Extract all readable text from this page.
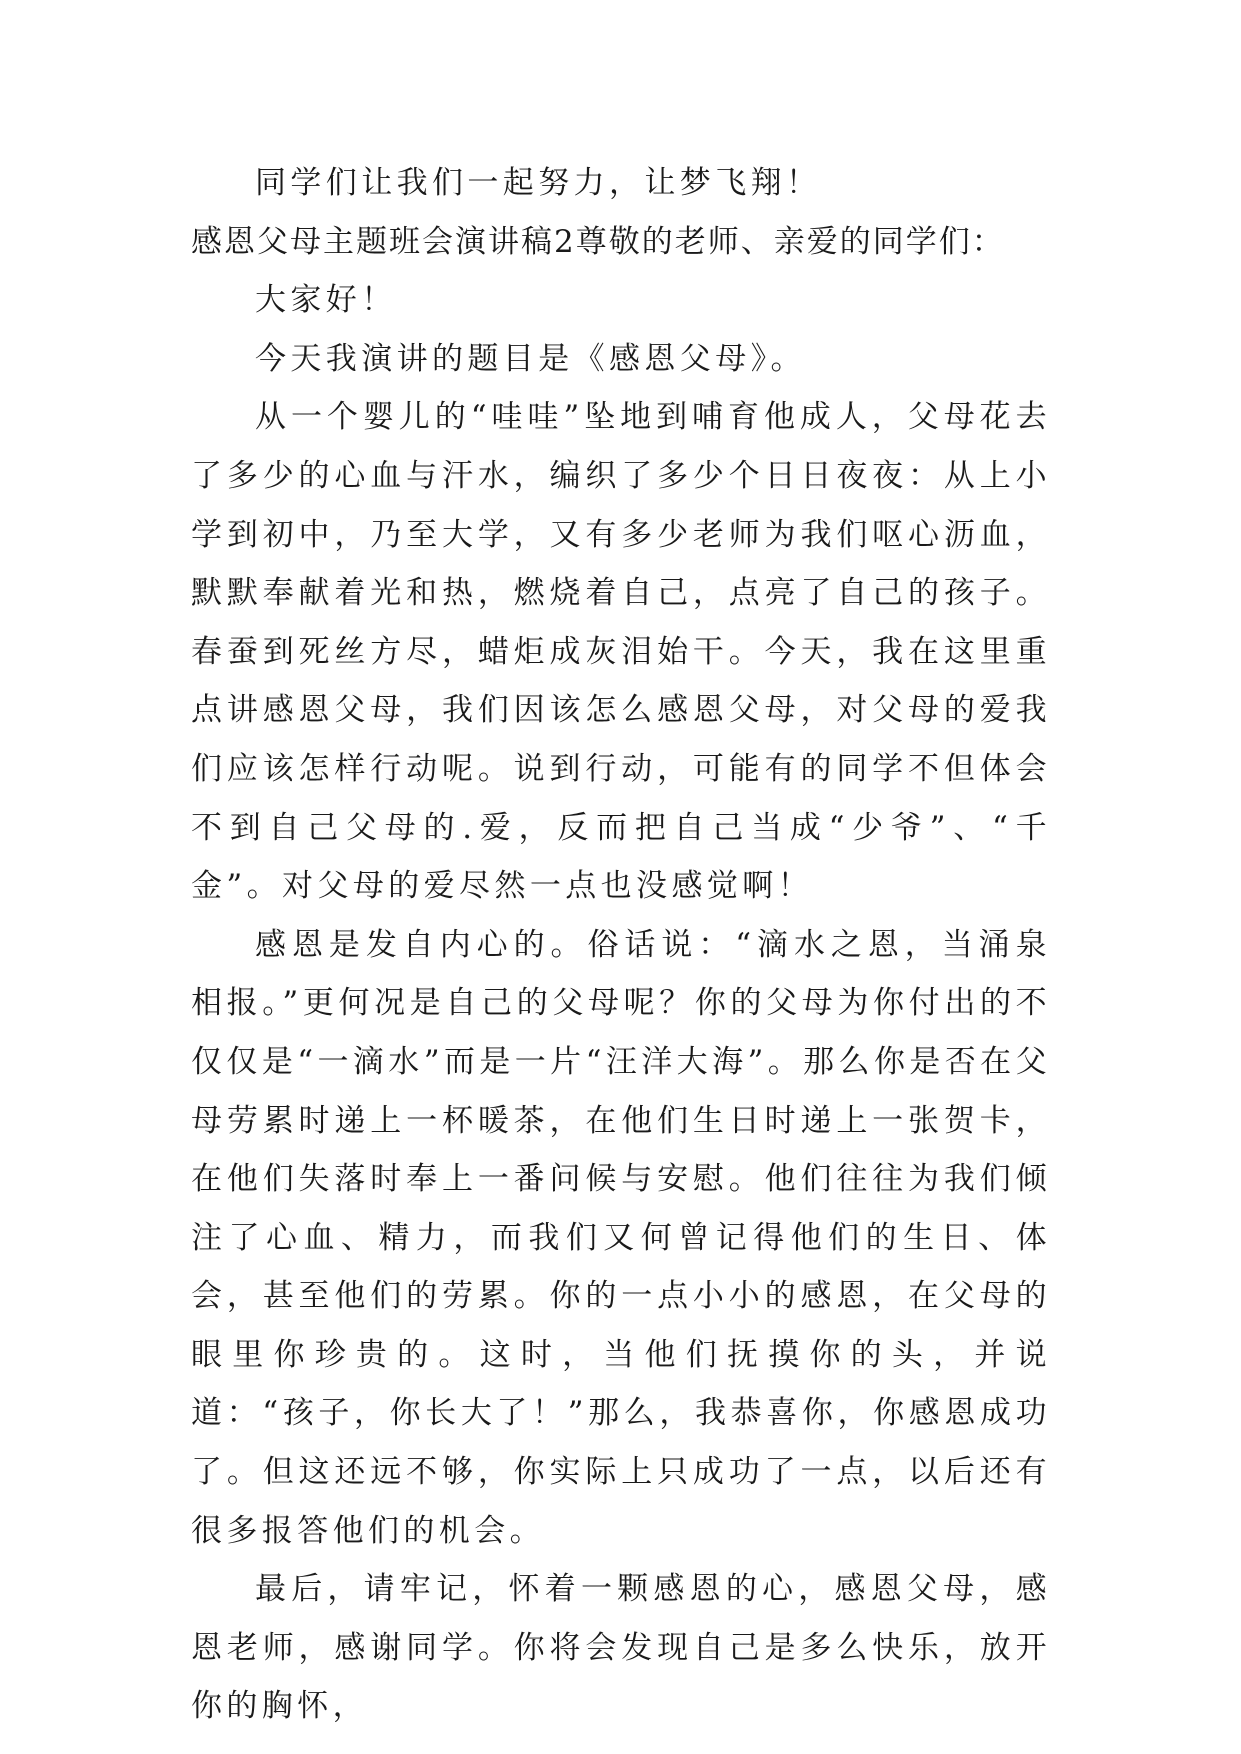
同学们让我们一起努力，让梦飞翔！

感恩父母主题班会演讲稿2尊敬的老师、亲爱的同学们：

大家好！

今天我演讲的题目是《感恩父母》。

从一个婴儿的“哇哇”坠地到哺育他成人，父母花去了多少的心血与汗水，编织了多少个日日夜夜：从上小学到初中，乃至大学，又有多少老师为我们呕心沥血，默默奉献着光和热，燃烧着自己，点亮了自己的孩子。春蚕到死丝方尽，蜡炬成灰泪始干。今天，我在这里重点讲感恩父母，我们因该怎么感恩父母，对父母的爱我们应该怎样行动呢。说到行动，可能有的同学不但体会不到自己父母的.爱，反而把自己当成“少爷”、“千金”。对父母的爱尽然一点也没感觉啊！

感恩是发自内心的。俗话说：“滴水之恩，当涌泉相报。”更何况是自己的父母呢？你的父母为你付出的不仅仅是“一滴水”而是一片“汪洋大海”。那么你是否在父母劳累时递上一杯暖茶，在他们生日时递上一张贺卡，在他们失落时奉上一番问候与安慰。他们往往为我们倾注了心血、精力，而我们又何曾记得他们的生日、体会，甚至他们的劳累。你的一点小小的感恩，在父母的眼里你珍贵的。这时，当他们抚摸你的头，并说道：“孩子，你长大了！”那么，我恭喜你，你感恩成功了。但这还远不够，你实际上只成功了一点，以后还有很多报答他们的机会。

最后，请牢记，怀着一颗感恩的心，感恩父母，感恩老师，感谢同学。你将会发现自己是多么快乐，放开你的胸怀，
